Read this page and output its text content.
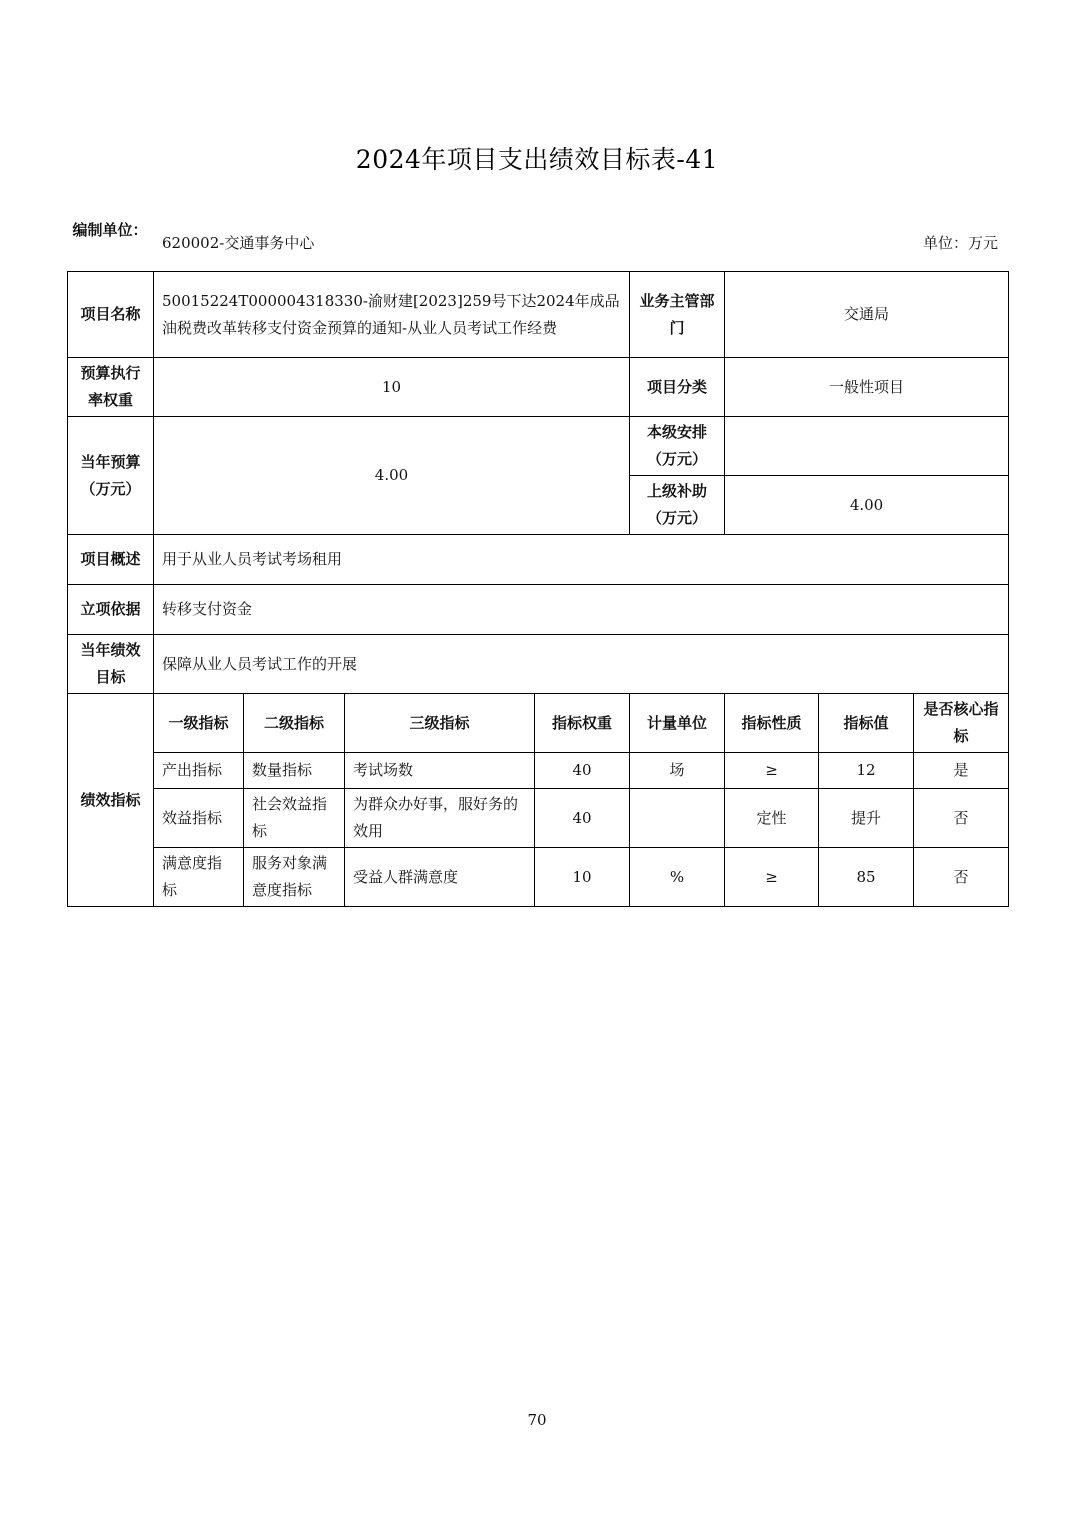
2024年项目支出绩效目标表-41
编制单位：
620002-交通事务中心	单位：万元
项目名称	50015224T000004318330-渝财建[2023]259号下达2024年成品油税费改革转移支付资金预算的通知-从业人员考试工作经费				业务主管部门	交通局		
预算执行率权重	10				项目分类	一般性项目		
当年预算（万元）	4.00				本级安排（万元）			
					上级补助（万元）	4.00		
项目概述	用于从业人员考试考场租用							
立项依据	转移支付资金							
当年绩效目标	保障从业人员考试工作的开展							
绩效指标	一级指标	二级指标	三级指标	指标权重	计量单位	指标性质	指标值	是否核心指标
	产出指标	数量指标	考试场数	40	场	≥	12	是
	效益指标	社会效益指标	为群众办好事，服好务的效用	40		定性	提升	否
	满意度指标	服务对象满意度指标	受益人群满意度	10	%	≥	85	否
70
